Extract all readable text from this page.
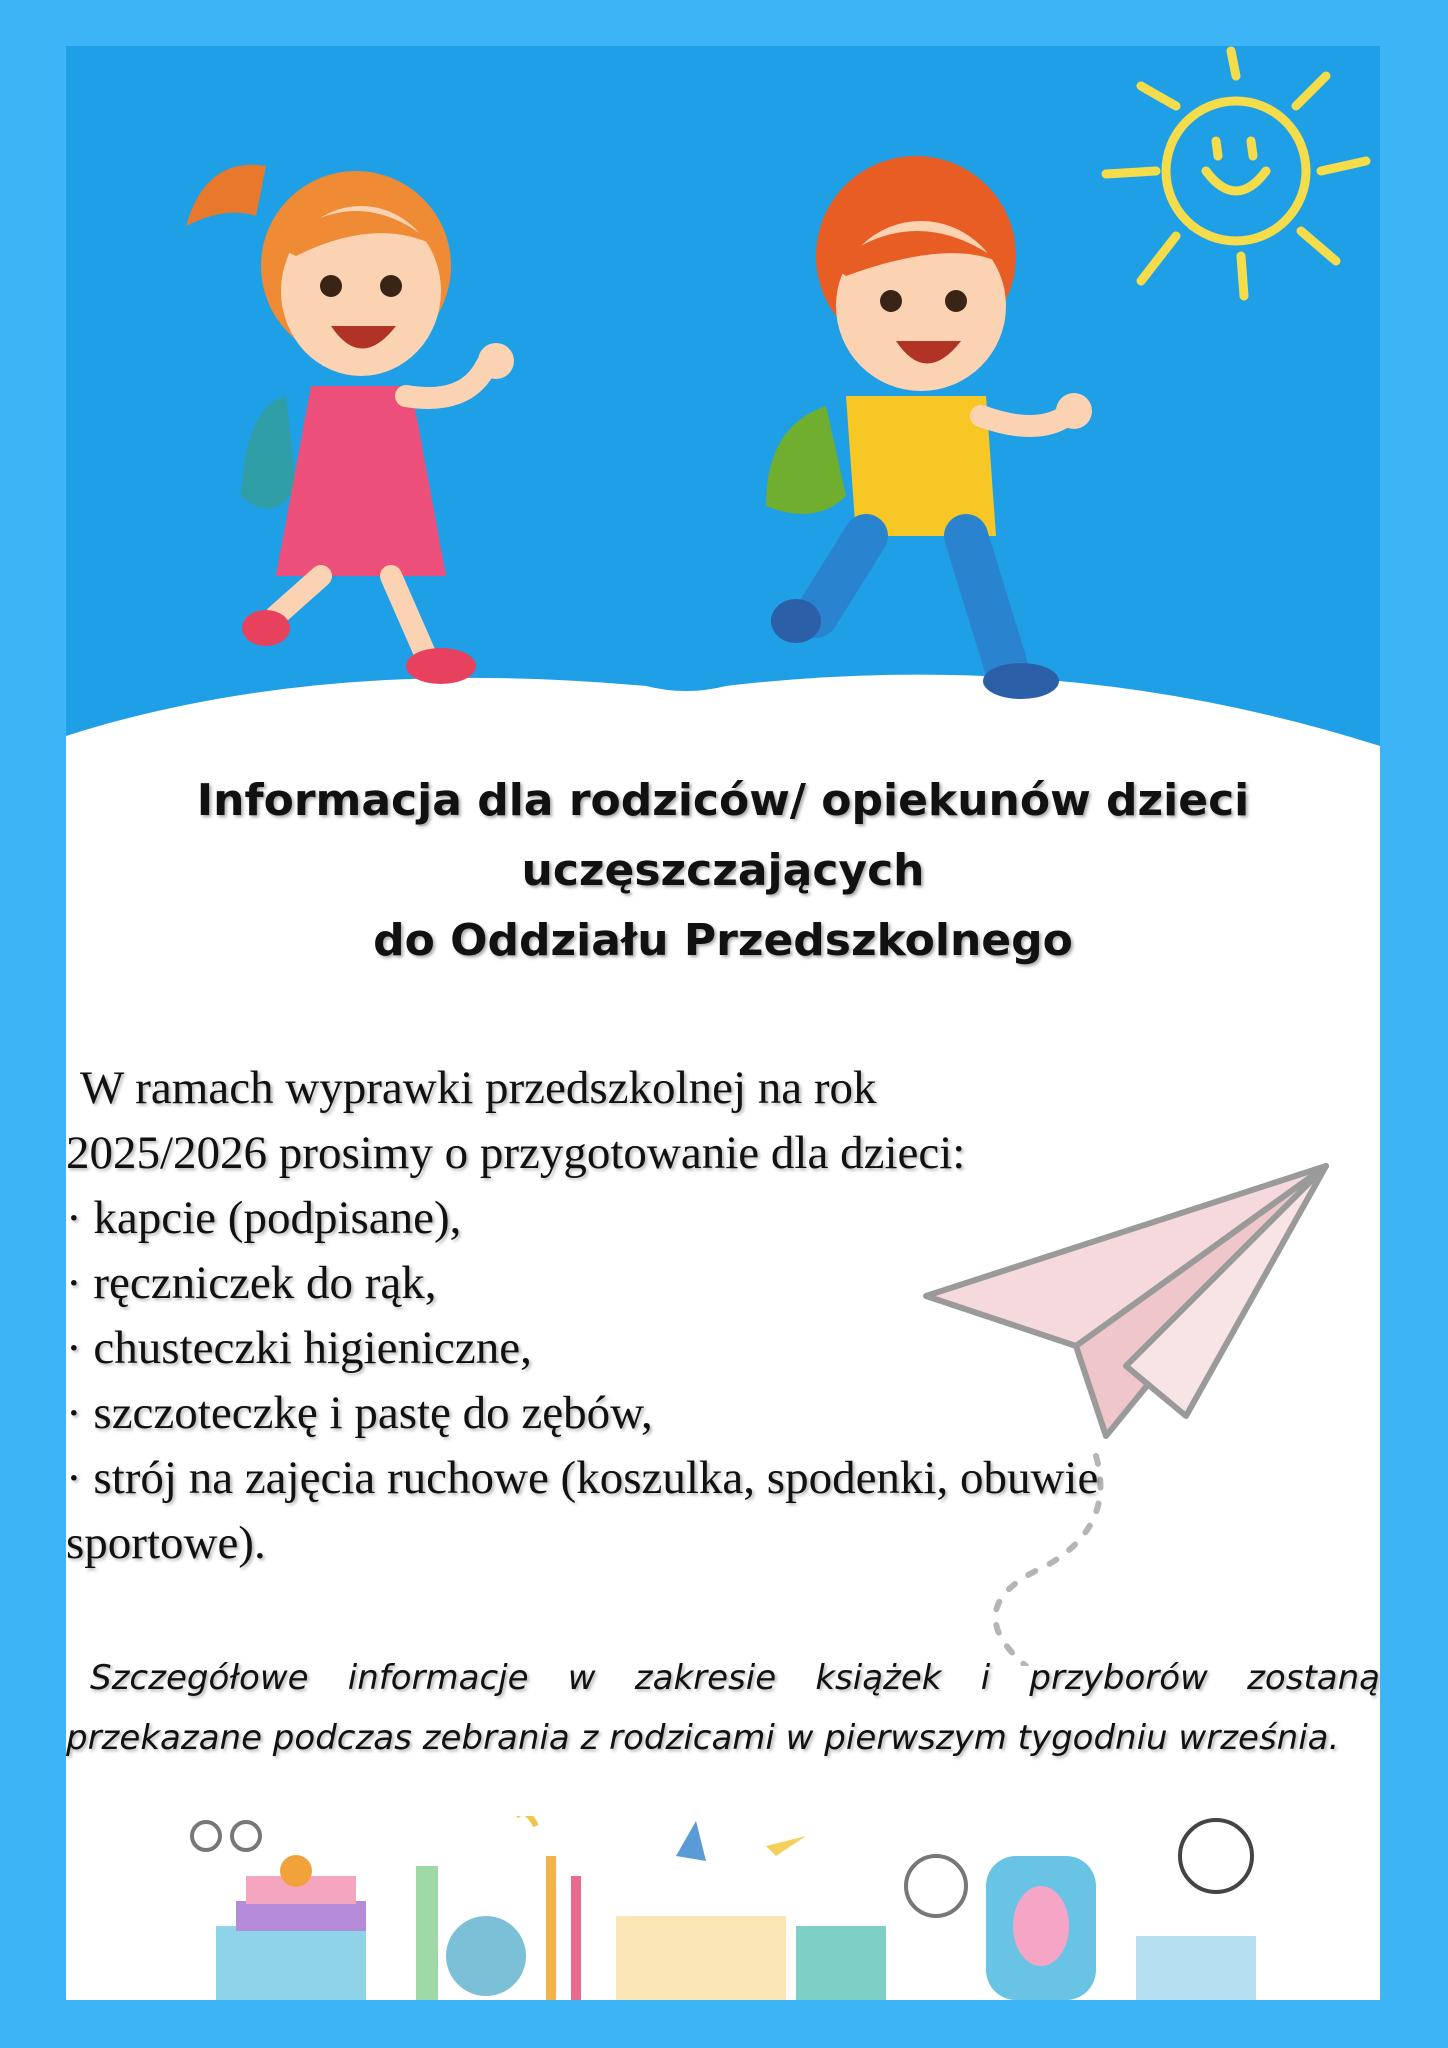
Informacja dla rodziców/ opiekunów dzieci
uczęszczających
do Oddziału Przedszkolnego
W ramach wyprawki przedszkolnej na rok
2025/2026 prosimy o przygotowanie dla dzieci:
· kapcie (podpisane),
· ręczniczek do rąk,
· chusteczki higieniczne,
· szczoteczkę i pastę do zębów,
· strój na zajęcia ruchowe (koszulka, spodenki, obuwie
sportowe).
Szczegółowe informacje w zakresie książek i przyborów zostaną przekazane podczas zebrania z rodzicami w pierwszym tygodniu września.
